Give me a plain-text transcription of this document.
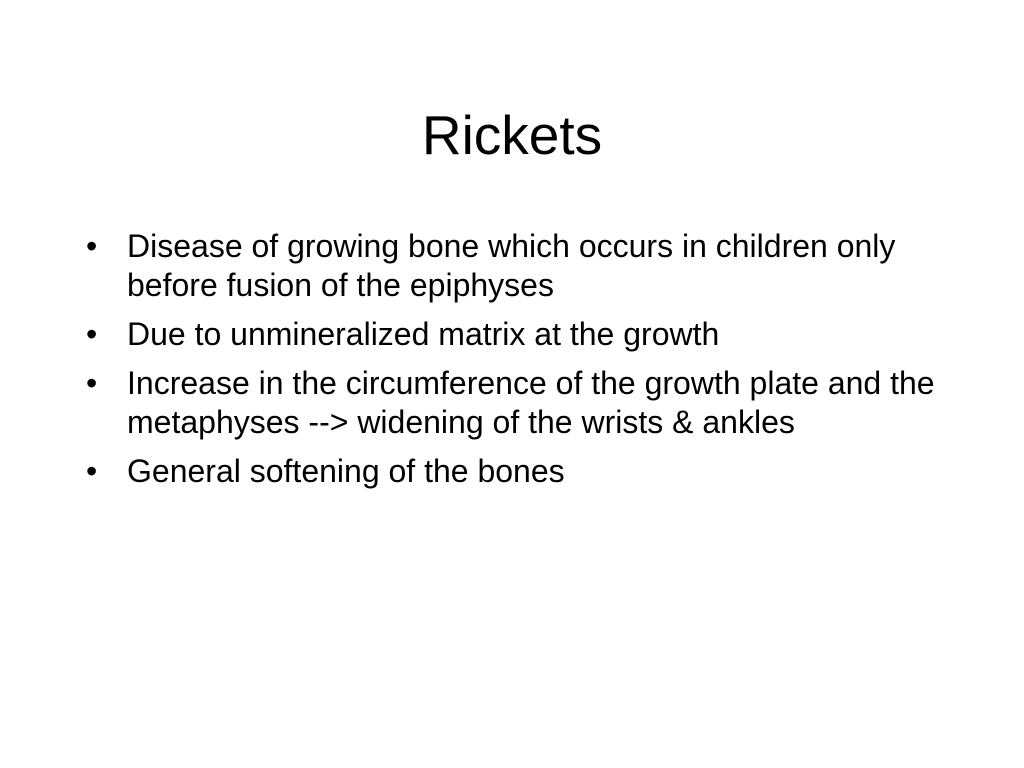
Rickets
• Disease of growing bone which occurs in children only before fusion of the epiphyses
• Due to unmineralized matrix at the growth
• Increase in the circumference of the growth plate and the metaphyses --> widening of the wrists & ankles
• General softening of the bones
